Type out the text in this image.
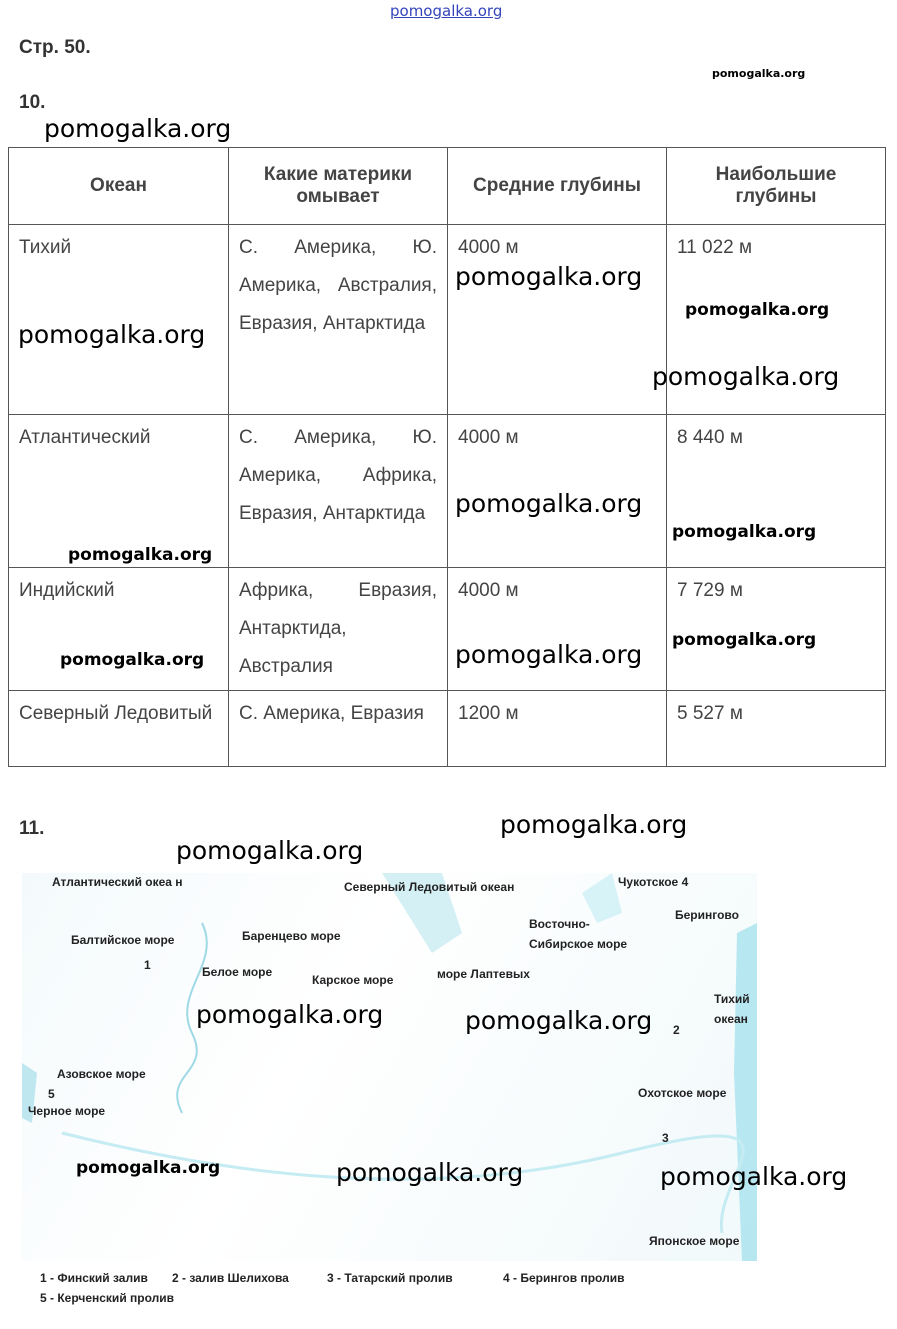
pomogalka.org
Стр. 50.
10.
Океан	Какие материки омывает	Средние глубины	Наибольшие глубины
Тихий	С. Америка, Ю. Америка, Австралия, Евразия, Антарктида	4000 м	11 022 м
Атлантический	С. Америка, Ю. Америка, Африка, Евразия, Антарктида	4000 м	8 440 м
Индийский	Африка, Евразия, Антарктида, Австралия	4000 м	7 729 м
Северный Ледовитый	С. Америка, Евразия	1200 м	5 527 м
11.
Атлантический океа н	Северный Ледовитый океан	Чукотское 4
Берингово
Восточно-
Сибирское море
Балтийское море	Баренцево море
1	Белое море
Карское море	море Лаптевых
Тихий
океан
2
Азовское море
5
Черное море
Охотское море
3
Японское море
1 - Финский залив 2 - залив Шелихова	3 - Татарский пролив	4 - Берингов пролив
5 - Керченский пролив
pomogalka.org
pomogalka.org
pomogalka.org
pomogalka.org
pomogalka.org
pomogalka.org
pomogalka.org
pomogalka.org
pomogalka.org
pomogalka.org
pomogalka.org
pomogalka.org
pomogalka.org
pomogalka.org
pomogalka.org
pomogalka.org
pomogalka.org
pomogalka.org	pomogalka.org
